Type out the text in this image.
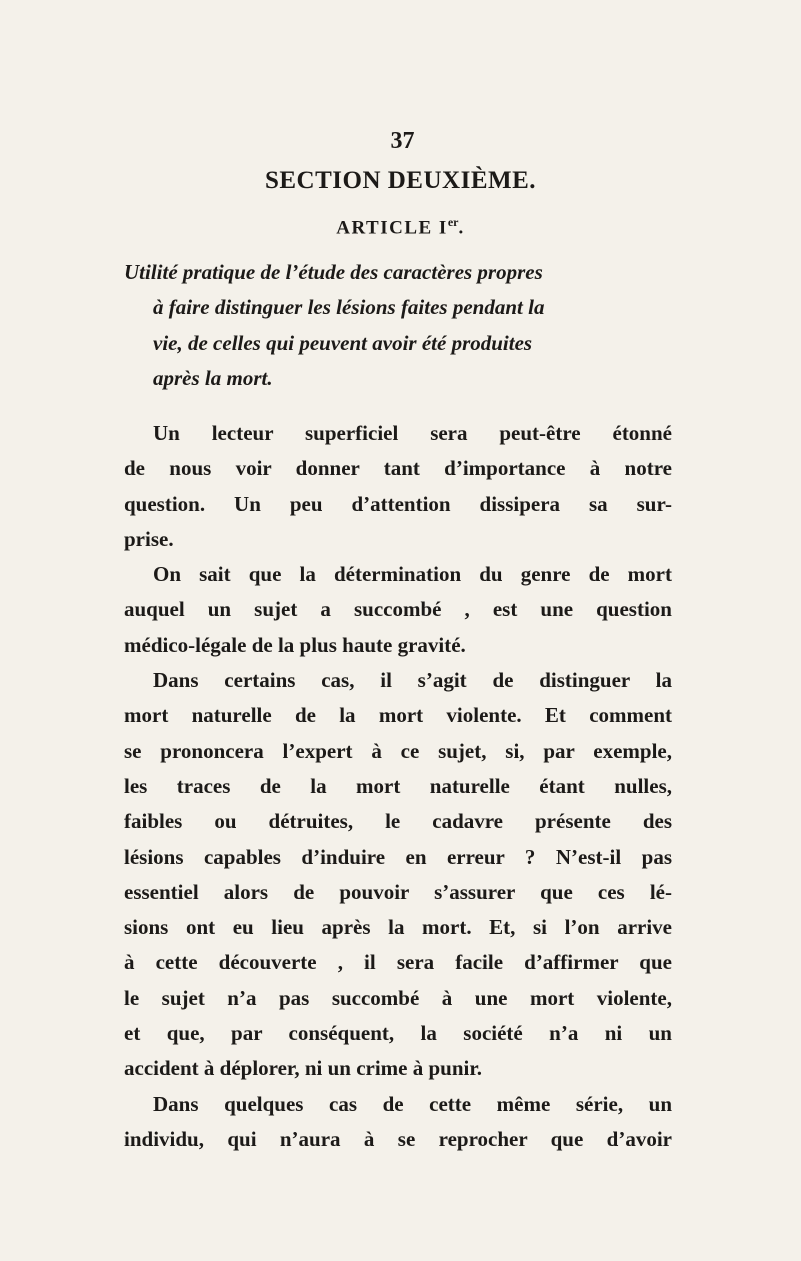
37
SECTION DEUXIÈME.
ARTICLE Ier.
Utilité pratique de l’étude des caractères propres
à faire distinguer les lésions faites pendant la
vie, de celles qui peuvent avoir été produites
après la mort.
Un lecteur superficiel sera peut-être étonné
de nous voir donner tant d’importance à notre
question. Un peu d’attention dissipera sa sur-
prise.
On sait que la détermination du genre de mort
auquel un sujet a succombé , est une question
médico-légale de la plus haute gravité.
Dans certains cas, il s’agit de distinguer la
mort naturelle de la mort violente. Et comment
se prononcera l’expert à ce sujet, si, par exemple,
les traces de la mort naturelle étant nulles,
faibles ou détruites, le cadavre présente des
lésions capables d’induire en erreur ? N’est-il pas
essentiel alors de pouvoir s’assurer que ces lé-
sions ont eu lieu après la mort. Et, si l’on arrive
à cette découverte , il sera facile d’affirmer que
le sujet n’a pas succombé à une mort violente,
et que, par conséquent, la société n’a ni un
accident à déplorer, ni un crime à punir.
Dans quelques cas de cette même série, un
individu, qui n’aura à se reprocher que d’avoir
